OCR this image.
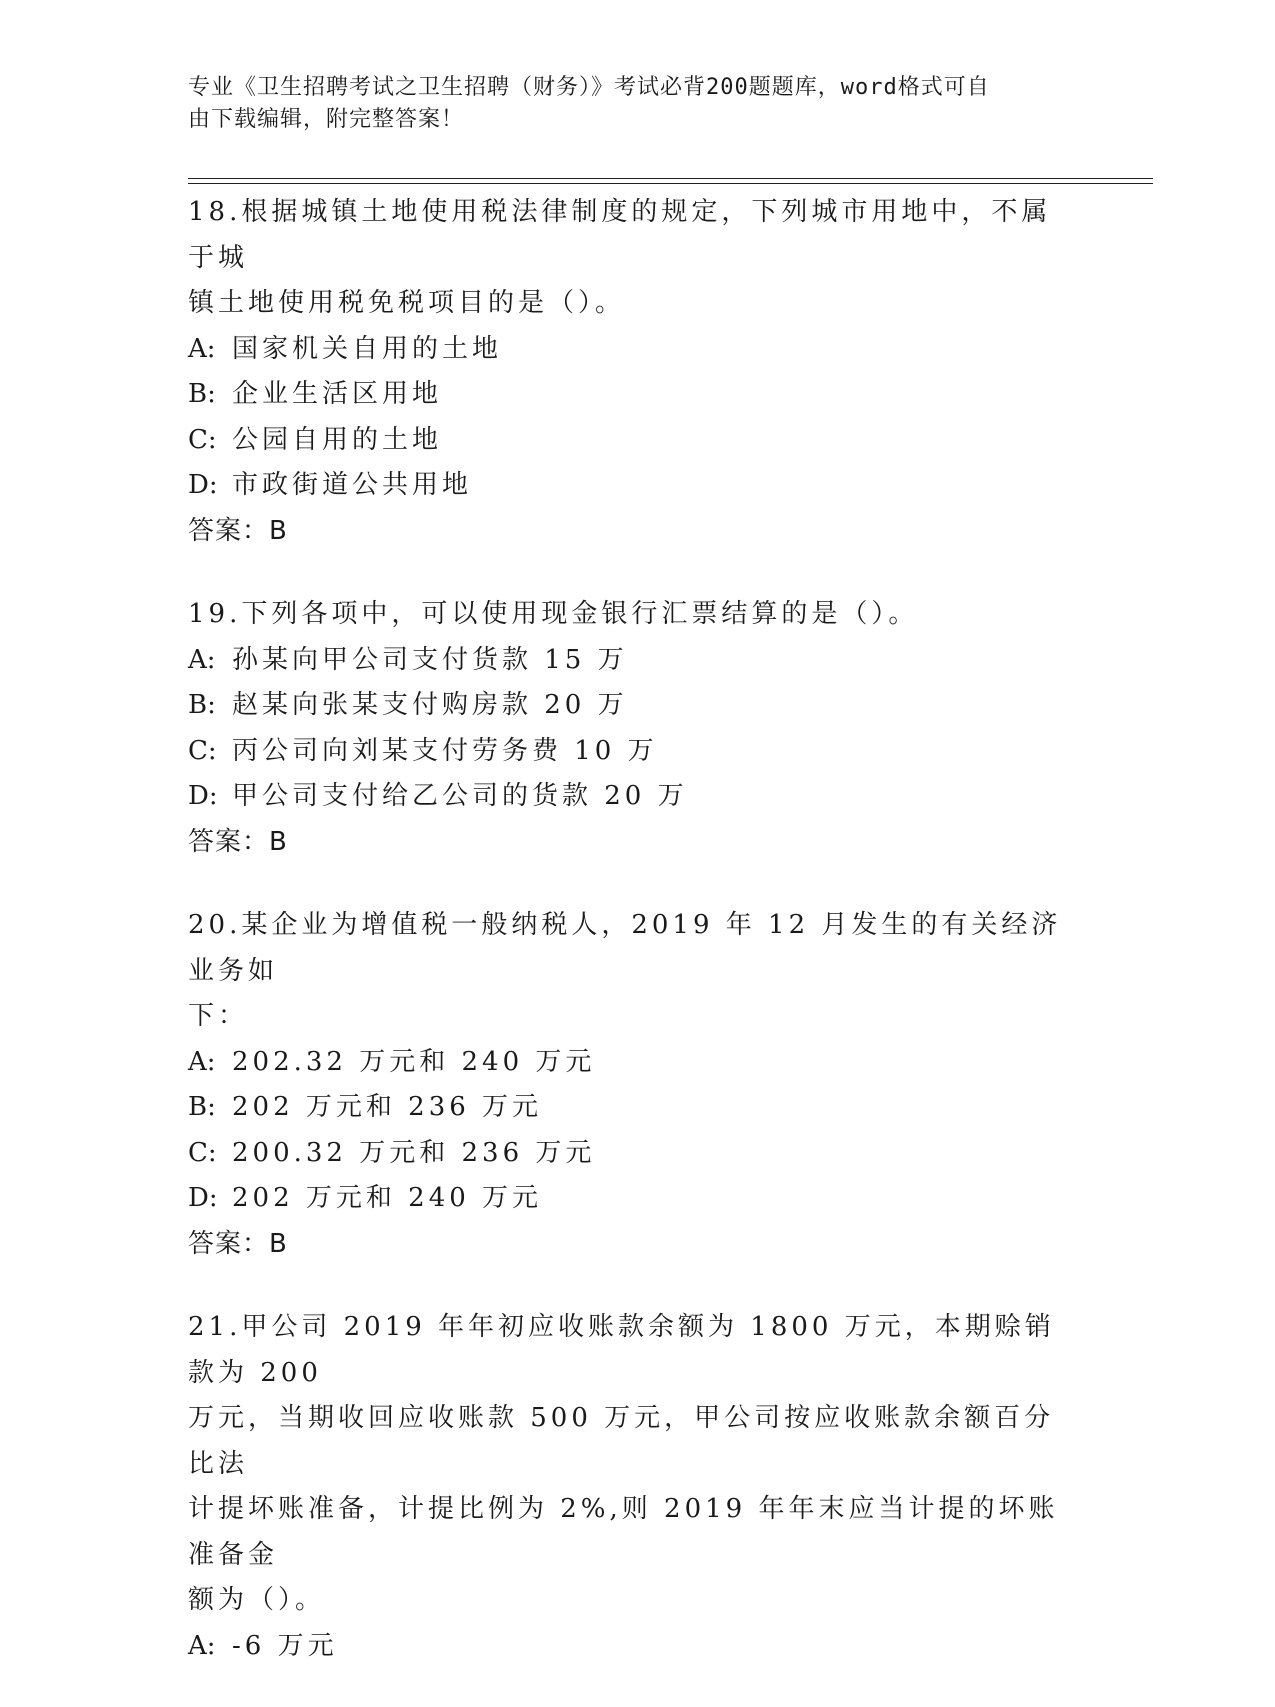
专业《卫生招聘考试之卫生招聘（财务）》考试必背200题题库，word格式可自
由下载编辑，附完整答案！

18.根据城镇土地使用税法律制度的规定，下列城市用地中，不属于城

镇土地使用税免税项目的是（）。

A: 国家机关自用的土地

B: 企业生活区用地

C: 公园自用的土地

D: 市政街道公共用地

答案：B

19.下列各项中，可以使用现金银行汇票结算的是（）。

A: 孙某向甲公司支付货款 15 万

B: 赵某向张某支付购房款 20 万

C: 丙公司向刘某支付劳务费 10 万

D: 甲公司支付给乙公司的货款 20 万

答案：B

20.某企业为增值税一般纳税人，2019 年 12 月发生的有关经济业务如

下：

A: 202.32 万元和 240 万元

B: 202 万元和 236 万元

C: 200.32 万元和 236 万元

D: 202 万元和 240 万元

答案：B

21.甲公司 2019 年年初应收账款余额为 1800 万元，本期赊销款为 200

万元，当期收回应收账款 500 万元，甲公司按应收账款余额百分比法

计提坏账准备，计提比例为 2%,则 2019 年年末应当计提的坏账准备金

额为（）。

A: -6 万元
